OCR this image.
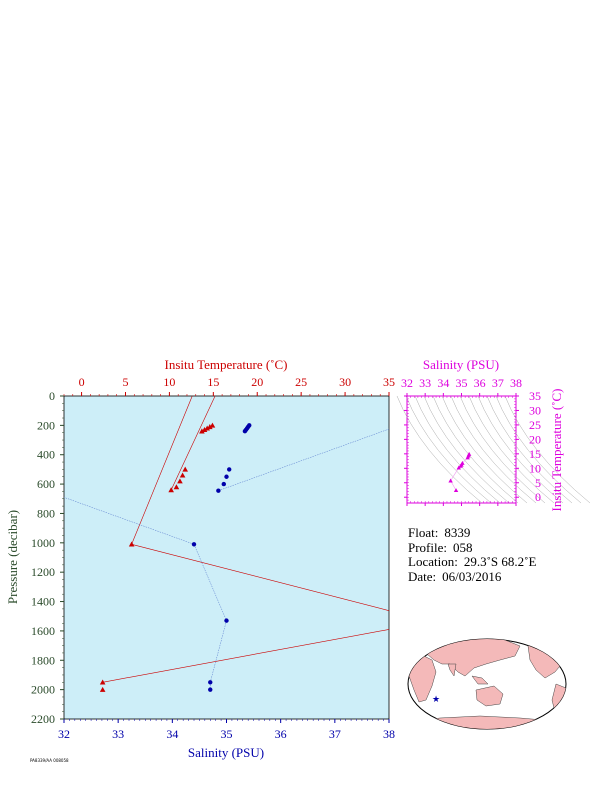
0	5	10	15	20	25	30	35
32	33	34	35	36	37	38
0
200
400
600
800
1000
1200
1400
1600
1800
2000
2200
Insitu Temperature (˚C)
Salinity (PSU)
Pressure (decibar)
32 33 34 35 36 37 38
0
5
10
15
20
25
30
35
Salinity (PSU)
Insitu Temperature (˚C)
★
Float: 8339
Profile: 058
Location: 29.3˚S 68.2˚E
Date: 06/03/2016
PA8339/AA 008058
